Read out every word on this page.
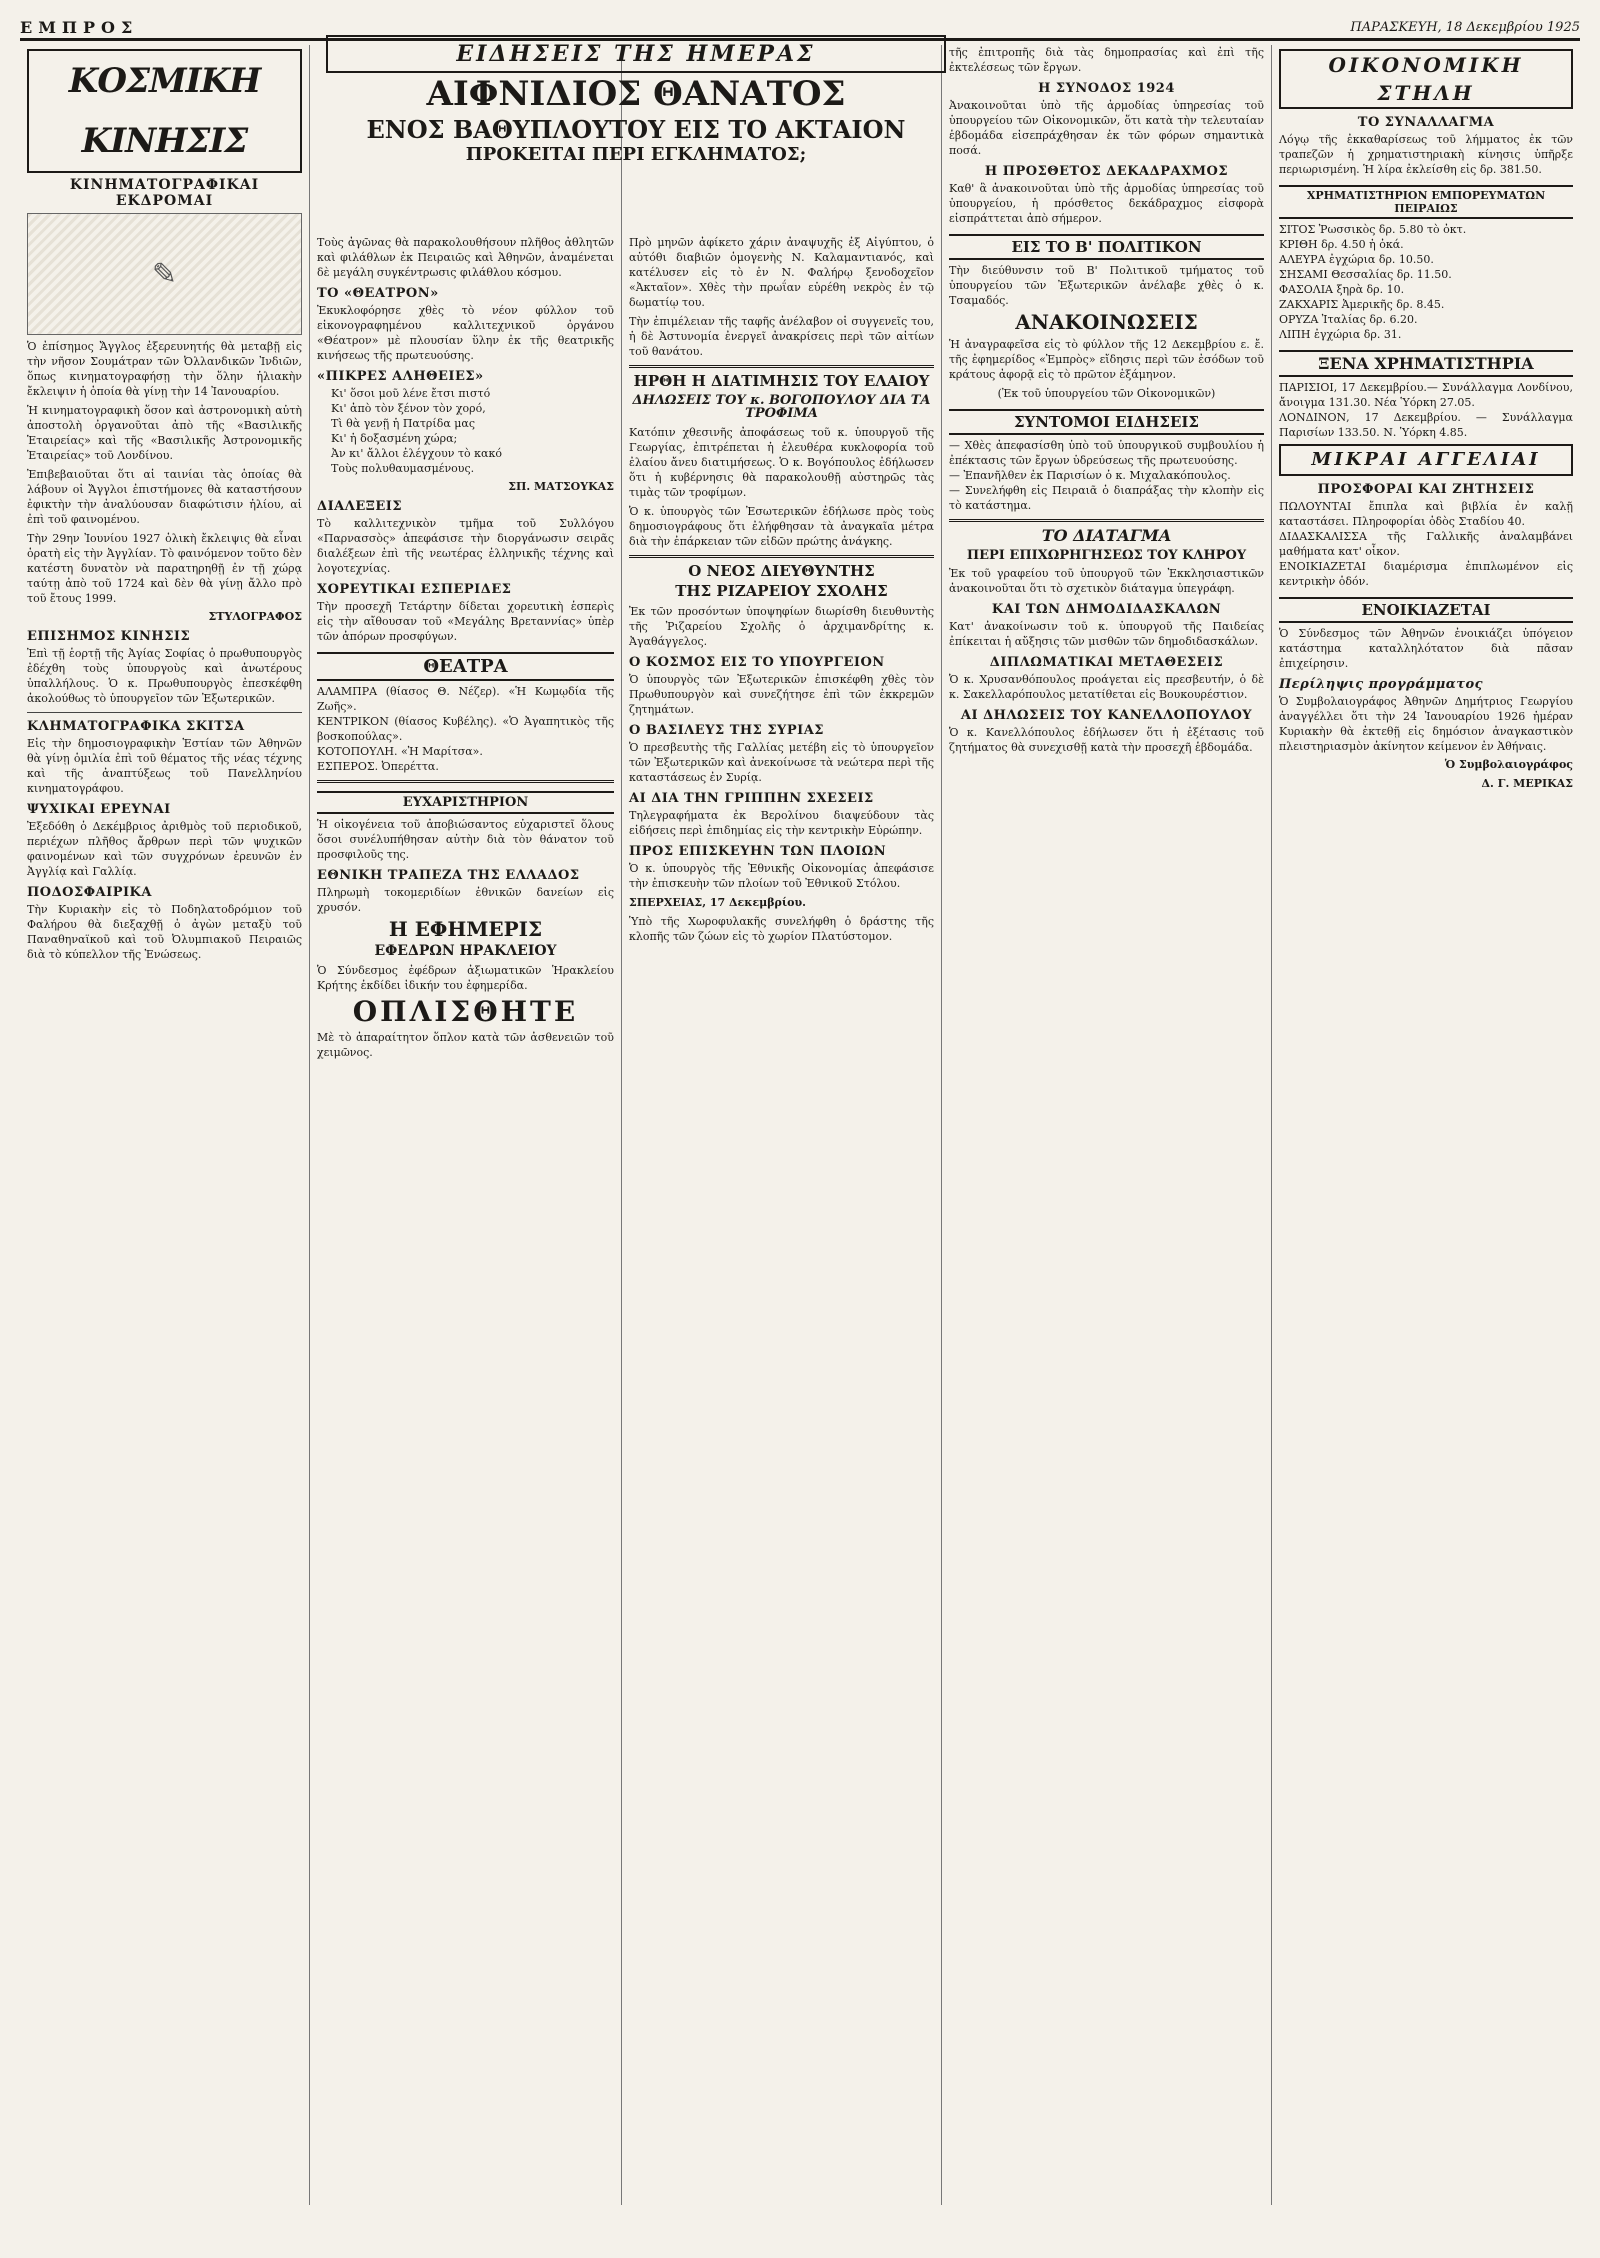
ΕΜΠΡΟΣ	ΠΑΡΑΣΚΕΥΗ, 18 Δεκεμβρίου 1925
ΚΟΣΜΙΚΗ ΚΙΝΗΣΙΣ
ΚΙΝΗΜΑΤΟΓΡΑΦΙΚΑΙ ΕΚΔΡΟΜΑΙ
✎

Ὁ ἐπίσημος Ἄγγλος ἐξερευνητής θὰ μεταβῇ εἰς τὴν νῆσον Σουμάτραν τῶν Ὀλλανδικῶν Ἰνδιῶν, ὅπως κινηματογραφήσῃ τὴν ὅλην ἡλιακὴν ἔκλειψιν ἡ ὁποία θὰ γίνῃ τὴν 14 Ἰανουαρίου.

Ἡ κινηματογραφικὴ ὅσον καὶ ἀστρονομικὴ αὐτὴ ἀποστολὴ ὀργανοῦται ἀπὸ τῆς «Βασιλικῆς Ἑταιρείας» καὶ τῆς «Βασιλικῆς Ἀστρονομικῆς Ἑταιρείας» τοῦ Λονδίνου.

Ἐπιβεβαιοῦται ὅτι αἱ ταινίαι τὰς ὁποίας θὰ λάβουν οἱ Ἄγγλοι ἐπιστήμονες θὰ καταστήσουν ἐφικτὴν τὴν ἀναλύουσαν διαφώτισιν ἠλίου, αἱ ἐπὶ τοῦ φαινομένου.

Τὴν 29ην Ἰουνίου 1927 ὁλικὴ ἔκλειψις θὰ εἶναι ὁρατὴ εἰς τὴν Ἀγγλίαν. Τὸ φαινόμενον τοῦτο δὲν κατέστη δυνατὸν νὰ παρατηρηθῇ ἐν τῇ χώρᾳ ταύτῃ ἀπὸ τοῦ 1724 καὶ δὲν θὰ γίνῃ ἄλλο πρὸ τοῦ ἔτους 1999.

ΣΤΥΛΟΓΡΑΦΟΣ
ΕΠΙΣΗΜΟΣ ΚΙΝΗΣΙΣ

Ἐπὶ τῇ ἑορτῇ τῆς Ἀγίας Σοφίας ὁ πρωθυπουργὸς ἐδέχθη τοὺς ὑπουργοὺς καὶ ἀνωτέρους ὑπαλλήλους. Ὁ κ. Πρωθυπουργὸς ἐπεσκέφθη ἀκολούθως τὸ ὑπουργεῖον τῶν Ἐξωτερικῶν.

ΚΛΗΜΑΤΟΓΡΑΦΙΚΑ ΣΚΙΤΣΑ

Εἰς τὴν δημοσιογραφικὴν Ἑστίαν τῶν Ἀθηνῶν θὰ γίνῃ ὁμιλία ἐπὶ τοῦ θέματος τῆς νέας τέχνης καὶ τῆς ἀναπτύξεως τοῦ Πανελληνίου κινηματογράφου.

ΨΥΧΙΚΑΙ ΕΡΕΥΝΑΙ

Ἐξεδόθη ὁ Δεκέμβριος ἀριθμὸς τοῦ περιοδικοῦ, περιέχων πλῆθος ἄρθρων περὶ τῶν ψυχικῶν φαινομένων καὶ τῶν συγχρόνων ἐρευνῶν ἐν Ἀγγλίᾳ καὶ Γαλλίᾳ.

ΠΟΔΟΣΦΑΙΡΙΚΑ

Τὴν Κυριακὴν εἰς τὸ Ποδηλατοδρόμιον τοῦ Φαλήρου θὰ διεξαχθῇ ὁ ἀγὼν μεταξὺ τοῦ Παναθηναϊκοῦ καὶ τοῦ Ὀλυμπιακοῦ Πειραιῶς διὰ τὸ κύπελλον τῆς Ἑνώσεως.

Τοὺς ἀγῶνας θὰ παρακολουθήσουν πλῆθος ἀθλητῶν καὶ φιλάθλων ἐκ Πειραιῶς καὶ Ἀθηνῶν, ἀναμένεται δὲ μεγάλη συγκέντρωσις φιλάθλου κόσμου.

ΤΟ «ΘΕΑΤΡΟΝ»

Ἐκυκλοφόρησε χθὲς τὸ νέον φύλλον τοῦ εἰκονογραφημένου καλλιτεχνικοῦ ὀργάνου «Θέατρον» μὲ πλουσίαν ὕλην ἐκ τῆς θεατρικῆς κινήσεως τῆς πρωτευούσης.

«ΠΙΚΡΕΣ ΑΛΗΘΕΙΕΣ»

Κι' ὅσοι μοῦ λένε ἔτσι πιστό
Κι' ἀπὸ τὸν ξένον τὸν χορό,
Τὶ θὰ γενῇ ἡ Πατρίδα μας
Κι' ἡ δοξασμένη χώρα;
Ἀν κι' ἄλλοι ἐλέγχουν τὸ κακό
Τοὺς πολυθαυμασμένους.

ΣΠ. ΜΑΤΣΟΥΚΑΣ
ΔΙΑΛΕΞΕΙΣ

Τὸ καλλιτεχνικὸν τμῆμα τοῦ Συλλόγου «Παρνασσὸς» ἀπεφάσισε τὴν διοργάνωσιν σειρᾶς διαλέξεων ἐπὶ τῆς νεωτέρας ἑλληνικῆς τέχνης καὶ λογοτεχνίας.

ΧΟΡΕΥΤΙΚΑΙ ΕΣΠΕΡΙΔΕΣ

Τὴν προσεχῆ Τετάρτην δίδεται χορευτικὴ ἑσπερὶς εἰς τὴν αἴθουσαν τοῦ «Μεγάλης Βρεταννίας» ὑπὲρ τῶν ἀπόρων προσφύγων.

ΘΕΑΤΡΑ

ΑΛΑΜΠΡΑ (θίασος Θ. Νέζερ). «Ἡ Κωμῳδία τῆς Ζωῆς».
ΚΕΝΤΡΙΚΟΝ (θίασος Κυβέλης). «Ὁ Ἀγαπητικὸς τῆς βοσκοπούλας».
ΚΟΤΟΠΟΥΛΗ. «Ἡ Μαρίτσα».
ΕΣΠΕΡΟΣ. Ὀπερέττα.

ΕΥΧΑΡΙΣΤΗΡΙΟΝ

Ἡ οἰκογένεια τοῦ ἀποβιώσαντος εὐχαριστεῖ ὅλους ὅσοι συνέλυπήθησαν αὐτὴν διὰ τὸν θάνατον τοῦ προσφιλοῦς της.

ΕΘΝΙΚΗ ΤΡΑΠΕΖΑ ΤΗΣ ΕΛΛΑΔΟΣ

Πληρωμὴ τοκομεριδίων ἐθνικῶν δανείων εἰς χρυσόν.

Η ΕΦΗΜΕΡΙΣ
ΕΦΕΔΡΩΝ ΗΡΑΚΛΕΙΟΥ

Ὁ Σύνδεσμος ἐφέδρων ἀξιωματικῶν Ἡρακλείου Κρήτης ἐκδίδει ἰδικήν του ἐφημερίδα.

ΟΠΛΙΣΘΗΤΕ

Μὲ τὸ ἀπαραίτητον ὅπλον κατὰ τῶν ἀσθενειῶν τοῦ χειμῶνος.

Πρὸ μηνῶν ἀφίκετο χάριν ἀναψυχῆς ἐξ Αἰγύπτου, ὁ αὐτόθι διαβιῶν ὁμογενὴς Ν. Καλαμαντιανός, καὶ κατέλυσεν εἰς τὸ ἐν Ν. Φαλήρῳ ξενοδοχεῖον «Ἀκταῖον». Χθὲς τὴν πρωΐαν εὑρέθη νεκρὸς ἐν τῷ δωματίῳ του.

Τὴν ἐπιμέλειαν τῆς ταφῆς ἀνέλαβον οἱ συγγενεῖς του, ἡ δὲ Ἀστυνομία ἐνεργεῖ ἀνακρίσεις περὶ τῶν αἰτίων τοῦ θανάτου.

ΗΡΘΗ Η ΔΙΑΤΙΜΗΣΙΣ ΤΟΥ ΕΛΑΙΟΥ
ΔΗΛΩΣΕΙΣ ΤΟΥ κ. ΒΟΓΟΠΟΥΛΟΥ ΔΙΑ ΤΑ ΤΡΟΦΙΜΑ

Κατόπιν χθεσινῆς ἀποφάσεως τοῦ κ. ὑπουργοῦ τῆς Γεωργίας, ἐπιτρέπεται ἡ ἐλευθέρα κυκλοφορία τοῦ ἐλαίου ἄνευ διατιμήσεως. Ὁ κ. Βογόπουλος ἐδήλωσεν ὅτι ἡ κυβέρνησις θὰ παρακολουθῇ αὐστηρῶς τὰς τιμὰς τῶν τροφίμων.

Ὁ κ. ὑπουργὸς τῶν Ἐσωτερικῶν ἐδήλωσε πρὸς τοὺς δημοσιογράφους ὅτι ἐλήφθησαν τὰ ἀναγκαῖα μέτρα διὰ τὴν ἐπάρκειαν τῶν εἰδῶν πρώτης ἀνάγκης.

Ο ΝΕΟΣ ΔΙΕΥΘΥΝΤΗΣ
ΤΗΣ ΡΙΖΑΡΕΙΟΥ ΣΧΟΛΗΣ

Ἐκ τῶν προσόντων ὑποψηφίων διωρίσθη διευθυντὴς τῆς Ῥιζαρείου Σχολῆς ὁ ἀρχιμανδρίτης κ. Ἀγαθάγγελος.

Ο ΚΟΣΜΟΣ ΕΙΣ ΤΟ ΥΠΟΥΡΓΕΙΟΝ

Ὁ ὑπουργὸς τῶν Ἐξωτερικῶν ἐπισκέφθη χθὲς τὸν Πρωθυπουργὸν καὶ συνεζήτησε ἐπὶ τῶν ἐκκρεμῶν ζητημάτων.

Ο ΒΑΣΙΛΕΥΣ ΤΗΣ ΣΥΡΙΑΣ

Ὁ πρεσβευτὴς τῆς Γαλλίας μετέβη εἰς τὸ ὑπουργεῖον τῶν Ἐξωτερικῶν καὶ ἀνεκοίνωσε τὰ νεώτερα περὶ τῆς καταστάσεως ἐν Συρίᾳ.

ΑΙ ΔΙΑ ΤΗΝ ΓΡΙΠΠΗΝ ΣΧΕΣΕΙΣ

Τηλεγραφήματα ἐκ Βερολίνου διαψεύδουν τὰς εἰδήσεις περὶ ἐπιδημίας εἰς τὴν κεντρικὴν Εὐρώπην.

ΠΡΟΣ ΕΠΙΣΚΕΥΗΝ ΤΩΝ ΠΛΟΙΩΝ

Ὁ κ. ὑπουργὸς τῆς Ἐθνικῆς Οἰκονομίας ἀπεφάσισε τὴν ἐπισκευὴν τῶν πλοίων τοῦ Ἐθνικοῦ Στόλου.

ΣΠΕΡΧΕΙΑΣ, 17 Δεκεμβρίου.

Ὑπὸ τῆς Χωροφυλακῆς συνελήφθη ὁ δράστης τῆς κλοπῆς τῶν ζώων εἰς τὸ χωρίον Πλατύστομον.

τῆς ἐπιτροπῆς διὰ τὰς δημοπρασίας καὶ ἐπὶ τῆς ἐκτελέσεως τῶν ἔργων.

Η ΣΥΝΟΔΟΣ 1924

Ἀνακοινοῦται ὑπὸ τῆς ἁρμοδίας ὑπηρεσίας τοῦ ὑπουργείου τῶν Οἰκονομικῶν, ὅτι κατὰ τὴν τελευταίαν ἑβδομάδα εἰσεπράχθησαν ἐκ τῶν φόρων σημαντικὰ ποσά.

Η ΠΡΟΣΘΕΤΟΣ ΔΕΚΑΔΡΑΧΜΟΣ

Καθ' ἃ ἀνακοινοῦται ὑπὸ τῆς ἁρμοδίας ὑπηρεσίας τοῦ ὑπουργείου, ἡ πρόσθετος δεκάδραχμος εἰσφορὰ εἰσπράττεται ἀπὸ σήμερον.

ΕΙΣ ΤΟ Β' ΠΟΛΙΤΙΚΟΝ

Τὴν διεύθυνσιν τοῦ Β' Πολιτικοῦ τμήματος τοῦ ὑπουργείου τῶν Ἐξωτερικῶν ἀνέλαβε χθὲς ὁ κ. Τσαμαδός.

ΑΝΑΚΟΙΝΩΣΕΙΣ

Ἡ ἀναγραφεῖσα εἰς τὸ φύλλον τῆς 12 Δεκεμβρίου ε. ἔ. τῆς ἐφημερίδος «Ἐμπρὸς» εἴδησις περὶ τῶν ἐσόδων τοῦ κράτους ἀφορᾷ εἰς τὸ πρῶτον ἑξάμηνον.

(Ἐκ τοῦ ὑπουργείου τῶν Οἰκονομικῶν)

ΣΥΝΤΟΜΟΙ ΕΙΔΗΣΕΙΣ

— Χθὲς ἀπεφασίσθη ὑπὸ τοῦ ὑπουργικοῦ συμβουλίου ἡ ἐπέκτασις τῶν ἔργων ὑδρεύσεως τῆς πρωτευούσης.
— Ἐπανῆλθεν ἐκ Παρισίων ὁ κ. Μιχαλακόπουλος.
— Συνελήφθη εἰς Πειραιᾶ ὁ διαπράξας τὴν κλοπὴν εἰς τὸ κατάστημα.

ΤΟ ΔΙΑΤΑΓΜΑ
ΠΕΡΙ ΕΠΙΧΩΡΗΓΗΣΕΩΣ ΤΟΥ ΚΛΗΡΟΥ

Ἐκ τοῦ γραφείου τοῦ ὑπουργοῦ τῶν Ἐκκλησιαστικῶν ἀνακοινοῦται ὅτι τὸ σχετικὸν διάταγμα ὑπεγράφη.

ΚΑΙ ΤΩΝ ΔΗΜΟΔΙΔΑΣΚΑΛΩΝ

Κατ' ἀνακοίνωσιν τοῦ κ. ὑπουργοῦ τῆς Παιδείας ἐπίκειται ἡ αὔξησις τῶν μισθῶν τῶν δημοδιδασκάλων.

ΔΙΠΛΩΜΑΤΙΚΑΙ ΜΕΤΑΘΕΣΕΙΣ

Ὁ κ. Χρυσανθόπουλος προάγεται εἰς πρεσβευτήν, ὁ δὲ κ. Σακελλαρόπουλος μετατίθεται εἰς Βουκουρέστιον.

ΑΙ ΔΗΛΩΣΕΙΣ ΤΟΥ ΚΑΝΕΛΛΟΠΟΥΛΟΥ

Ὁ κ. Κανελλόπουλος ἐδήλωσεν ὅτι ἡ ἐξέτασις τοῦ ζητήματος θὰ συνεχισθῇ κατὰ τὴν προσεχῆ ἑβδομάδα.

ΟΙΚΟΝΟΜΙΚΗ ΣΤΗΛΗ
ΤΟ ΣΥΝΑΛΛΑΓΜΑ

Λόγῳ τῆς ἐκκαθαρίσεως τοῦ λήμματος ἐκ τῶν τραπεζῶν ἡ χρηματιστηριακὴ κίνησις ὑπῆρξε περιωρισμένη. Ἡ λίρα ἐκλείσθη εἰς δρ. 381.50.

ΧΡΗΜΑΤΙΣΤΗΡΙΟΝ ΕΜΠΟΡΕΥΜΑΤΩΝ ΠΕΙΡΑΙΩΣ

ΣΙΤΟΣ Ῥωσσικὸς δρ. 5.80 τὸ ὀκτ.
ΚΡΙΘΗ δρ. 4.50 ἡ ὀκά.
ΑΛΕΥΡΑ ἐγχώρια δρ. 10.50.
ΣΗΣΑΜΙ Θεσσαλίας δρ. 11.50.
ΦΑΣΟΛΙΑ ξηρὰ δρ. 10.
ΖΑΚΧΑΡΙΣ Ἀμερικῆς δρ. 8.45.
ΟΡΥΖΑ Ἰταλίας δρ. 6.20.
ΛΙΠΗ ἐγχώρια δρ. 31.

ΞΕΝΑ ΧΡΗΜΑΤΙΣΤΗΡΙΑ

ΠΑΡΙΣΙΟΙ, 17 Δεκεμβρίου.— Συνάλλαγμα Λονδίνου, ἄνοιγμα 131.30. Νέα Ὑόρκη 27.05.
ΛΟΝΔΙΝΟΝ, 17 Δεκεμβρίου. — Συνάλλαγμα Παρισίων 133.50. Ν. Ὑόρκη 4.85.

ΜΙΚΡΑΙ ΑΓΓΕΛΙΑΙ
ΠΡΟΣΦΟΡΑΙ ΚΑΙ ΖΗΤΗΣΕΙΣ

ΠΩΛΟΥΝΤΑΙ ἔπιπλα καὶ βιβλία ἐν καλῇ καταστάσει. Πληροφορίαι ὁδὸς Σταδίου 40.
ΔΙΔΑΣΚΑΛΙΣΣΑ τῆς Γαλλικῆς ἀναλαμβάνει μαθήματα κατ' οἶκον.
ΕΝΟΙΚΙΑΖΕΤΑΙ διαμέρισμα ἐπιπλωμένον εἰς κεντρικὴν ὁδόν.

ΕΝΟΙΚΙΑΖΕΤΑΙ

Ὁ Σύνδεσμος τῶν Ἀθηνῶν ἐνοικιάζει ὑπόγειον κατάστημα καταλληλότατον διὰ πᾶσαν ἐπιχείρησιν.

Περίληψις προγράμματος

Ὁ Συμβολαιογράφος Ἀθηνῶν Δημήτριος Γεωργίου ἀναγγέλλει ὅτι τὴν 24 Ἰανουαρίου 1926 ἡμέραν Κυριακὴν θὰ ἐκτεθῇ εἰς δημόσιον ἀναγκαστικὸν πλειστηριασμὸν ἀκίνητον κείμενον ἐν Ἀθήναις.

Ὁ Συμβολαιογράφος
Δ. Γ. ΜΕΡΙΚΑΣ
ΕΙΔΗΣΕΙΣ ΤΗΣ ΗΜΕΡΑΣ
ΑΙΦΝΙΔΙΟΣ ΘΑΝΑΤΟΣ
ΕΝΟΣ ΒΑΘΥΠΛΟΥΤΟΥ ΕΙΣ ΤΟ ΑΚΤΑΙΟΝ
ΠΡΟΚΕΙΤΑΙ ΠΕΡΙ ΕΓΚΛΗΜΑΤΟΣ;
